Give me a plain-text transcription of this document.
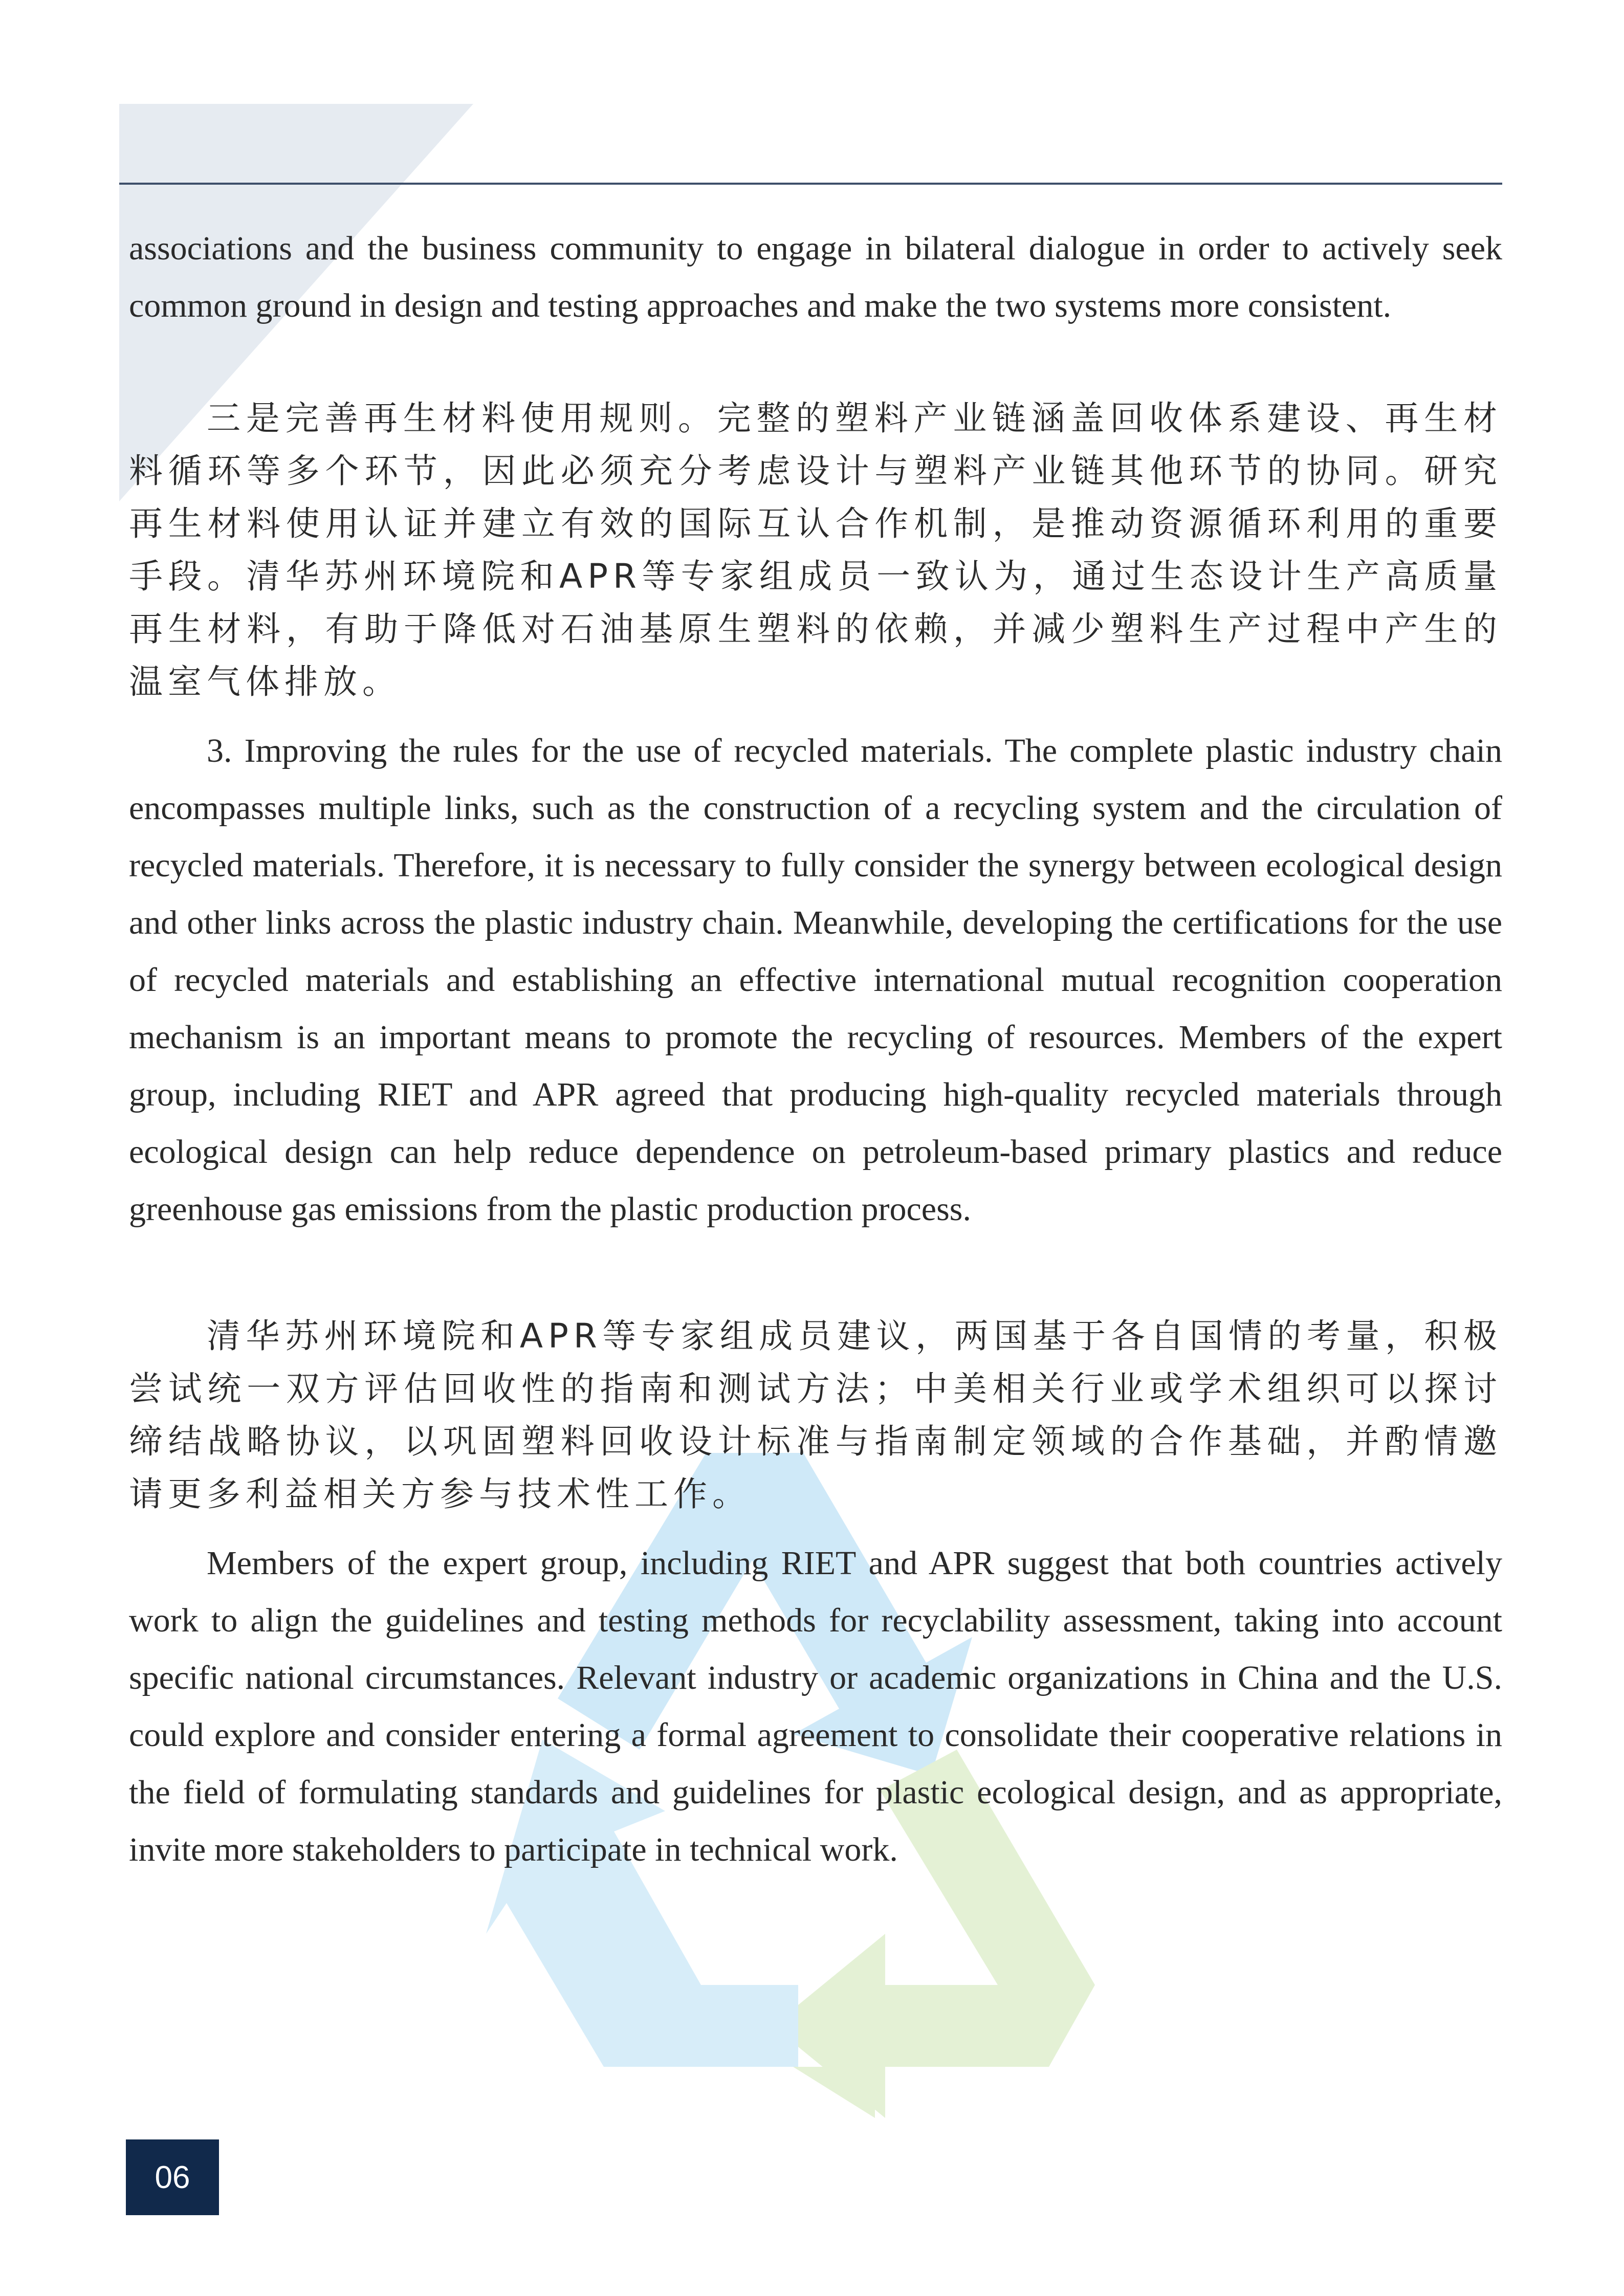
associations and the business community to engage in bilateral dialogue in order to actively seek common ground in design and testing approaches and make the two systems more consistent.

三是完善再生材料使用规则。完整的塑料产业链涵盖回收体系建设、再生材料循环等多个环节，因此必须充分考虑设计与塑料产业链其他环节的协同。研究再生材料使用认证并建立有效的国际互认合作机制，是推动资源循环利用的重要手段。清华苏州环境院和APR等专家组成员一致认为，通过生态设计生产高质量再生材料，有助于降低对石油基原生塑料的依赖，并减少塑料生产过程中产生的温室气体排放。

3. Improving the rules for the use of recycled materials. The complete plastic industry chain encompasses multiple links, such as the construction of a recycling system and the circulation of recycled materials. Therefore, it is necessary to fully consider the synergy between ecological design and other links across the plastic industry chain. Meanwhile, developing the certifications for the use of recycled materials and establishing an effective international mutual recognition cooperation mechanism is an important means to promote the recycling of resources. Members of the expert group, including RIET and APR agreed that producing high-quality recycled materials through ecological design can help reduce dependence on petroleum-based primary plastics and reduce greenhouse gas emissions from the plastic production process.

清华苏州环境院和APR等专家组成员建议，两国基于各自国情的考量，积极尝试统一双方评估回收性的指南和测试方法；中美相关行业或学术组织可以探讨缔结战略协议，以巩固塑料回收设计标准与指南制定领域的合作基础，并酌情邀请更多利益相关方参与技术性工作。

Members of the expert group, including RIET and APR suggest that both countries actively work to align the guidelines and testing methods for recyclability assessment, taking into account specific national circumstances. Relevant industry or academic organizations in China and the U.S. could explore and consider entering a formal agreement to consolidate their cooperative relations in the field of formulating standards and guidelines for plastic ecological design, and as appropriate, invite more stakeholders to participate in technical work.

06
